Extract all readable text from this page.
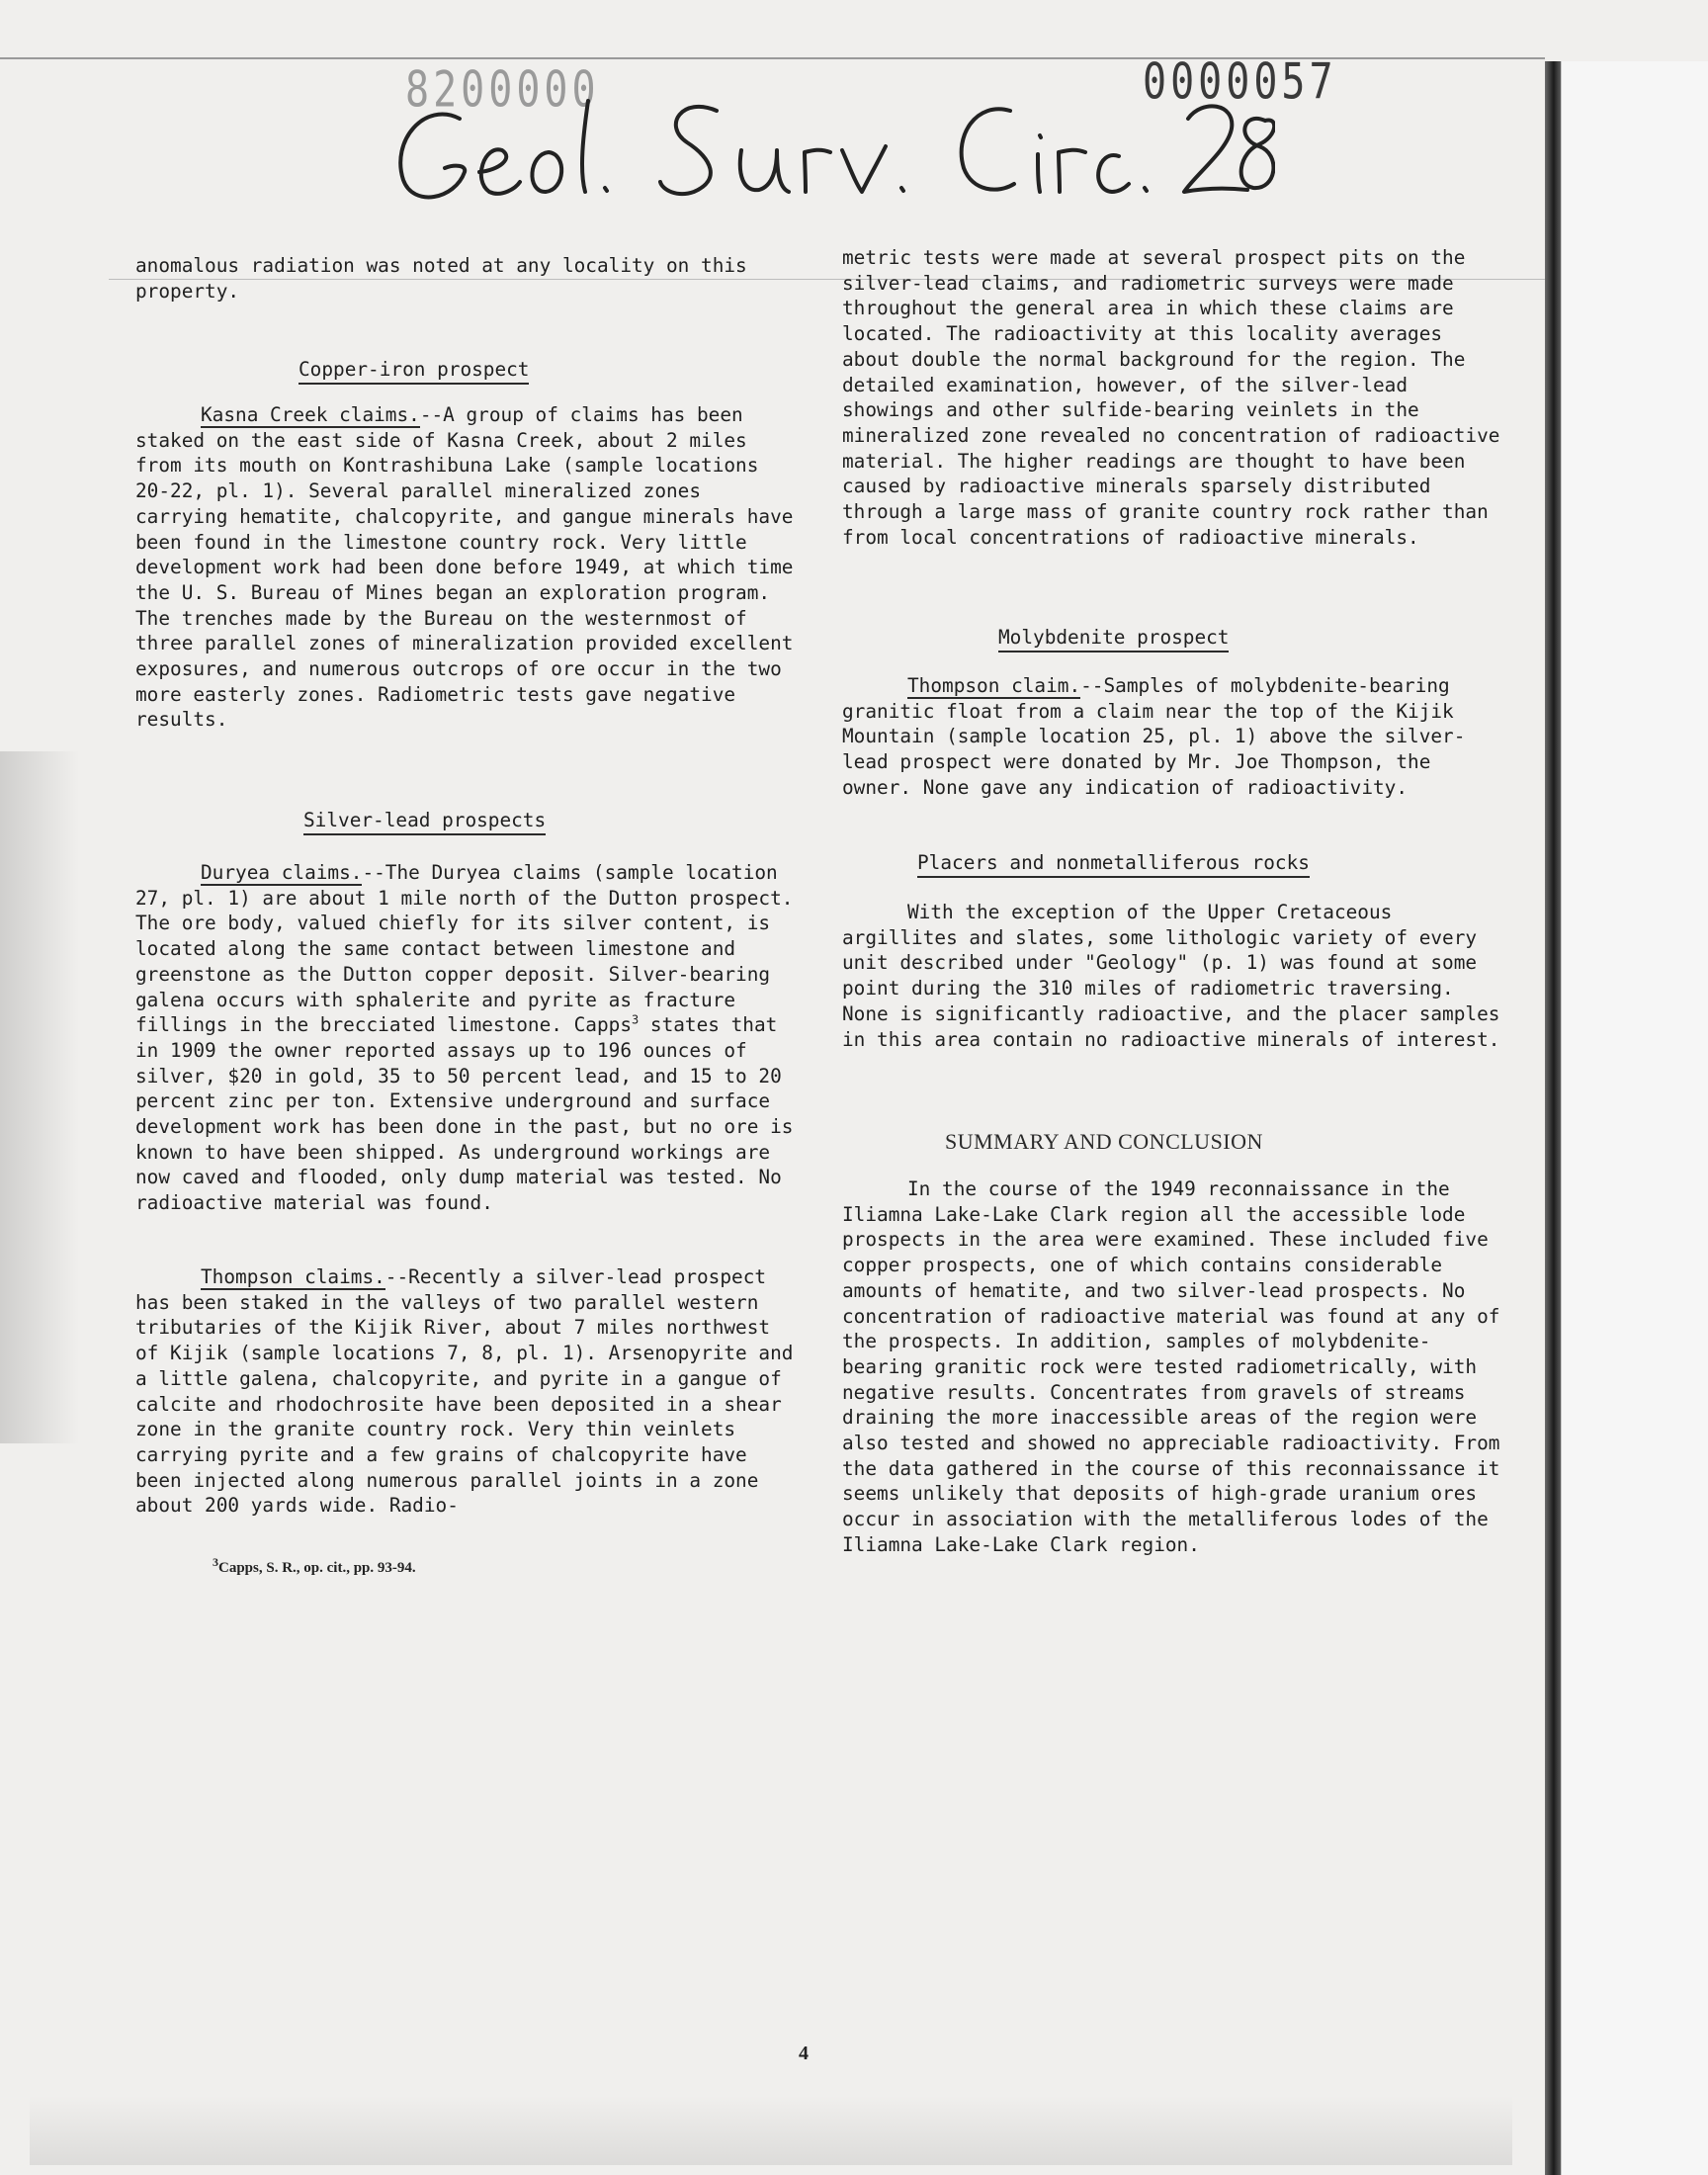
8200000	0000057

anomalous radiation was noted at any locality on this property.

Copper-iron prospect

Kasna Creek claims.--A group of claims has been staked on the east side of Kasna Creek, about 2 miles from its mouth on Kontrashibuna Lake (sample locations 20-22, pl. 1). Several parallel mineralized zones carrying hematite, chalcopyrite, and gangue minerals have been found in the limestone country rock. Very little development work had been done before 1949, at which time the U. S. Bureau of Mines began an exploration program. The trenches made by the Bureau on the westernmost of three parallel zones of mineralization provided excellent exposures, and numerous outcrops of ore occur in the two more easterly zones. Radiometric tests gave negative results.

Silver-lead prospects

Duryea claims.--The Duryea claims (sample location 27, pl. 1) are about 1 mile north of the Dutton prospect. The ore body, valued chiefly for its silver content, is located along the same contact between limestone and greenstone as the Dutton copper deposit. Silver-bearing galena occurs with sphalerite and pyrite as fracture fillings in the brecciated limestone. Capps$^3$ states that in 1909 the owner reported assays up to 196 ounces of silver, $20 in gold, 35 to 50 percent lead, and 15 to 20 percent zinc per ton. Extensive underground and surface development work has been done in the past, but no ore is known to have been shipped. As underground workings are now caved and flooded, only dump material was tested. No radioactive material was found.

Thompson claims.--Recently a silver-lead prospect has been staked in the valleys of two parallel western tributaries of the Kijik River, about 7 miles northwest of Kijik (sample locations 7, 8, pl. 1). Arsenopyrite and a little galena, chalcopyrite, and pyrite in a gangue of calcite and rhodochrosite have been deposited in a shear zone in the granite country rock. Very thin veinlets carrying pyrite and a few grains of chalcopyrite have been injected along numerous parallel joints in a zone about 200 yards wide. Radio-

$^3$Capps, S. R., op. cit., pp. 93-94.

metric tests were made at several prospect pits on the silver-lead claims, and radiometric surveys were made throughout the general area in which these claims are located. The radioactivity at this locality averages about double the normal background for the region. The detailed examination, however, of the silver-lead showings and other sulfide-bearing veinlets in the mineralized zone revealed no concentration of radioactive material. The higher readings are thought to have been caused by radioactive minerals sparsely distributed through a large mass of granite country rock rather than from local concentrations of radioactive minerals.

Molybdenite prospect

Thompson claim.--Samples of molybdenite-bearing granitic float from a claim near the top of the Kijik Mountain (sample location 25, pl. 1) above the silver-lead prospect were donated by Mr. Joe Thompson, the owner. None gave any indication of radioactivity.

Placers and nonmetalliferous rocks

With the exception of the Upper Cretaceous argillites and slates, some lithologic variety of every unit described under "Geology" (p. 1) was found at some point during the 310 miles of radiometric traversing. None is significantly radioactive, and the placer samples in this area contain no radioactive minerals of interest.

SUMMARY AND CONCLUSION

In the course of the 1949 reconnaissance in the Iliamna Lake-Lake Clark region all the accessible lode prospects in the area were examined. These included five copper prospects, one of which contains considerable amounts of hematite, and two silver-lead prospects. No concentration of radioactive material was found at any of the prospects. In addition, samples of molybdenite-bearing granitic rock were tested radiometrically, with negative results. Concentrates from gravels of streams draining the more inaccessible areas of the region were also tested and showed no appreciable radioactivity. From the data gathered in the course of this reconnaissance it seems unlikely that deposits of high-grade uranium ores occur in association with the metalliferous lodes of the Iliamna Lake-Lake Clark region.

4
